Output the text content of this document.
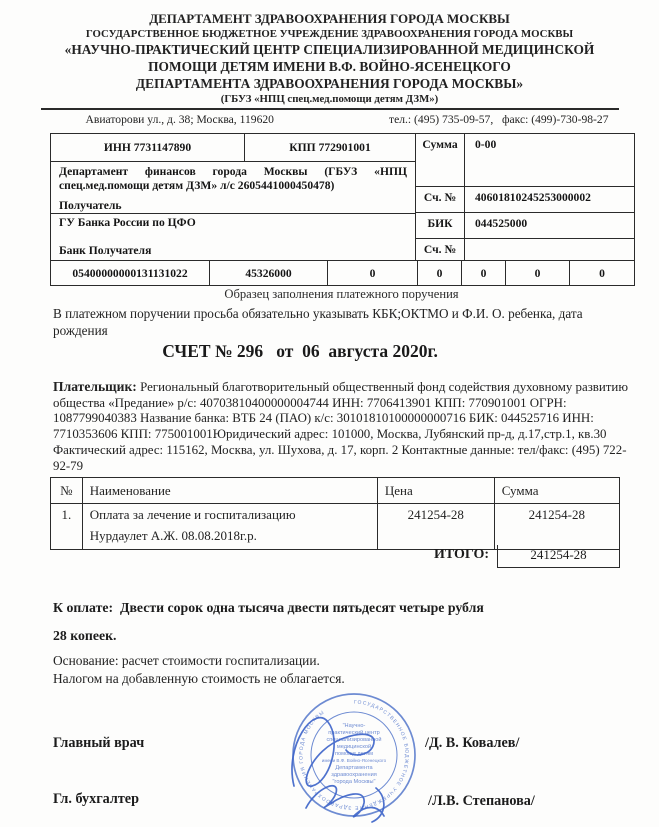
ДЕПАРТАМЕНТ ЗДРАВООХРАНЕНИЯ ГОРОДА МОСКВЫ
ГОСУДАРСТВЕННОЕ БЮДЖЕТНОЕ УЧРЕЖДЕНИЕ ЗДРАВООХРАНЕНИЯ ГОРОДА МОСКВЫ
«НАУЧНО-ПРАКТИЧЕСКИЙ ЦЕНТР СПЕЦИАЛИЗИРОВАННОЙ МЕДИЦИНСКОЙ
ПОМОЩИ ДЕТЯМ ИМЕНИ В.Ф. ВОЙНО-ЯСЕНЕЦКОГО
ДЕПАРТАМЕНТА ЗДРАВООХРАНЕНИЯ ГОРОДА МОСКВЫ»
(ГБУЗ «НПЦ спец.мед.помощи детям ДЗМ»)
Авиаторови ул., д. 38; Москва, 119620	тел.: (495) 735-09-57,   факс: (499)-730-98-27
ИНН 7731147890	КПП 772901001
Департамент финансов города Москвы (ГБУЗ «НПЦ спец.мед.помощи детям ДЗМ» л/с 2605441000450478)
Получатель
ГУ Банка России по ЦФО
Банк Получателя
Сумма	0-00
Сч. №	40601810245253000002
БИК	044525000
Сч. №
05400000000131131022	45326000	0	0	0	0	0
Образец заполнения платежного поручения
В платежном поручении просьба обязательно указывать КБК;ОКТМО и Ф.И. О. ребенка, дата рождения
СЧЕТ № 296   от  06  августа 2020г.
Плательщик: Региональный благотворительный общественный фонд содействия духовному развитию общества «Предание» р/с: 40703810400000004744 ИНН: 7706413901 КПП: 770901001 ОГРН: 1087799040383 Название банка: ВТБ 24 (ПАО) к/с: 30101810100000000716 БИК: 044525716 ИНН: 7710353606 КПП: 775001001Юридический адрес: 101000, Москва, Лубянский пр-д, д.17,стр.1, кв.30 Фактический адрес: 115162, Москва, ул. Шухова, д. 17, корп. 2 Контактные данные: тел/факс: (495) 722-92-79
№	Наименование	Цена	Сумма
1.	Оплата за лечение и госпитализацию
Нурдаулет А.Ж. 08.08.2018г.р.	241254-28	241254-28
ИТОГО:	241254-28
К оплате:  Двести сорок одна тысяча двести пятьдесят четыре рубля
28 копеек.
Основание: расчет стоимости госпитализации.
Налогом на добавленную стоимость не облагается.
ГОСУДАРСТВЕННОЕ БЮДЖЕТНОЕ УЧРЕЖДЕНИЕ ЗДРАВООХРАНЕНИЯ ГОРОДА МОСКВЫ
"Научно-
практический центр
специализированной
медицинской
помощи детям
имени В.Ф. Войно-Ясенецкого
Департамента
здравоохранения
"города Москвы"
Главный врач	/Д. В. Ковалев/
Гл. бухгалтер	/Л.В. Степанова/
